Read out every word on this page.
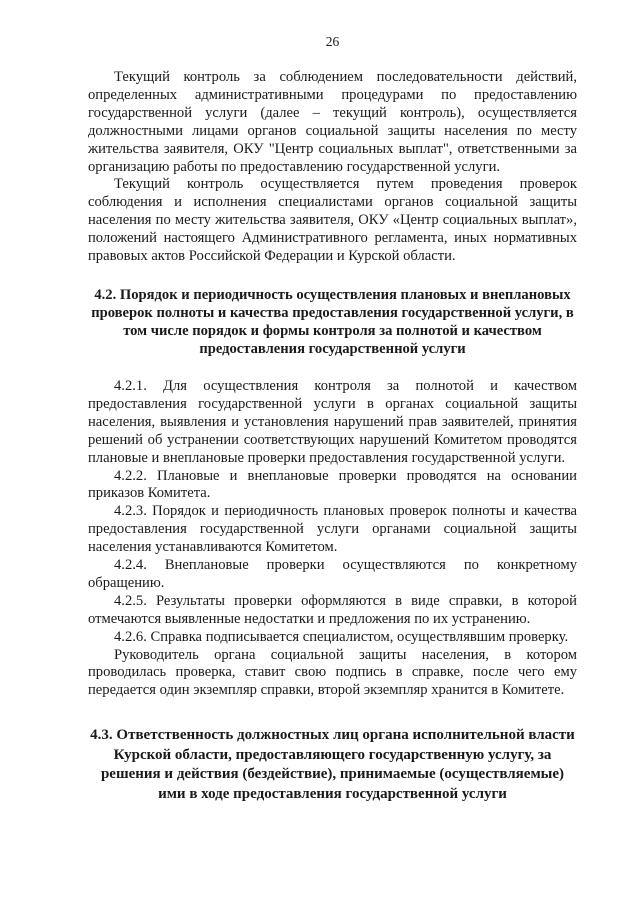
26

Текущий контроль за соблюдением последовательности действий, определенных административными процедурами по предоставлению государственной услуги (далее – текущий контроль), осуществляется должностными лицами органов социальной защиты населения по месту жительства заявителя, ОКУ "Центр социальных выплат", ответственными за организацию работы по предоставлению государственной услуги.

Текущий контроль осуществляется путем проведения проверок соблюдения и исполнения специалистами органов социальной защиты населения по месту жительства заявителя, ОКУ «Центр социальных выплат», положений настоящего Административного регламента, иных нормативных правовых актов Российской Федерации и Курской области.

4.2. Порядок и периодичность осуществления плановых и внеплановых проверок полноты и качества предоставления государственной услуги, в том числе порядок и формы контроля за полнотой и качеством предоставления государственной услуги

4.2.1. Для осуществления контроля за полнотой и качеством предоставления государственной услуги в органах социальной защиты населения, выявления и установления нарушений прав заявителей, принятия решений об устранении соответствующих нарушений Комитетом проводятся плановые и внеплановые проверки предоставления государственной услуги.

4.2.2. Плановые и внеплановые проверки проводятся на основании приказов Комитета.

4.2.3. Порядок и периодичность плановых проверок полноты и качества предоставления государственной услуги органами социальной защиты населения устанавливаются Комитетом.

4.2.4. Внеплановые проверки осуществляются по конкретному обращению.

4.2.5. Результаты проверки оформляются в виде справки, в которой отмечаются выявленные недостатки и предложения по их устранению.

4.2.6. Справка подписывается специалистом, осуществлявшим проверку.

Руководитель органа социальной защиты населения, в котором проводилась проверка, ставит свою подпись в справке, после чего ему передается один экземпляр справки, второй экземпляр хранится в Комитете.

4.3. Ответственность должностных лиц органа исполнительной власти Курской области, предоставляющего государственную услугу, за решения и действия (бездействие), принимаемые (осуществляемые) ими в ходе предоставления государственной услуги
